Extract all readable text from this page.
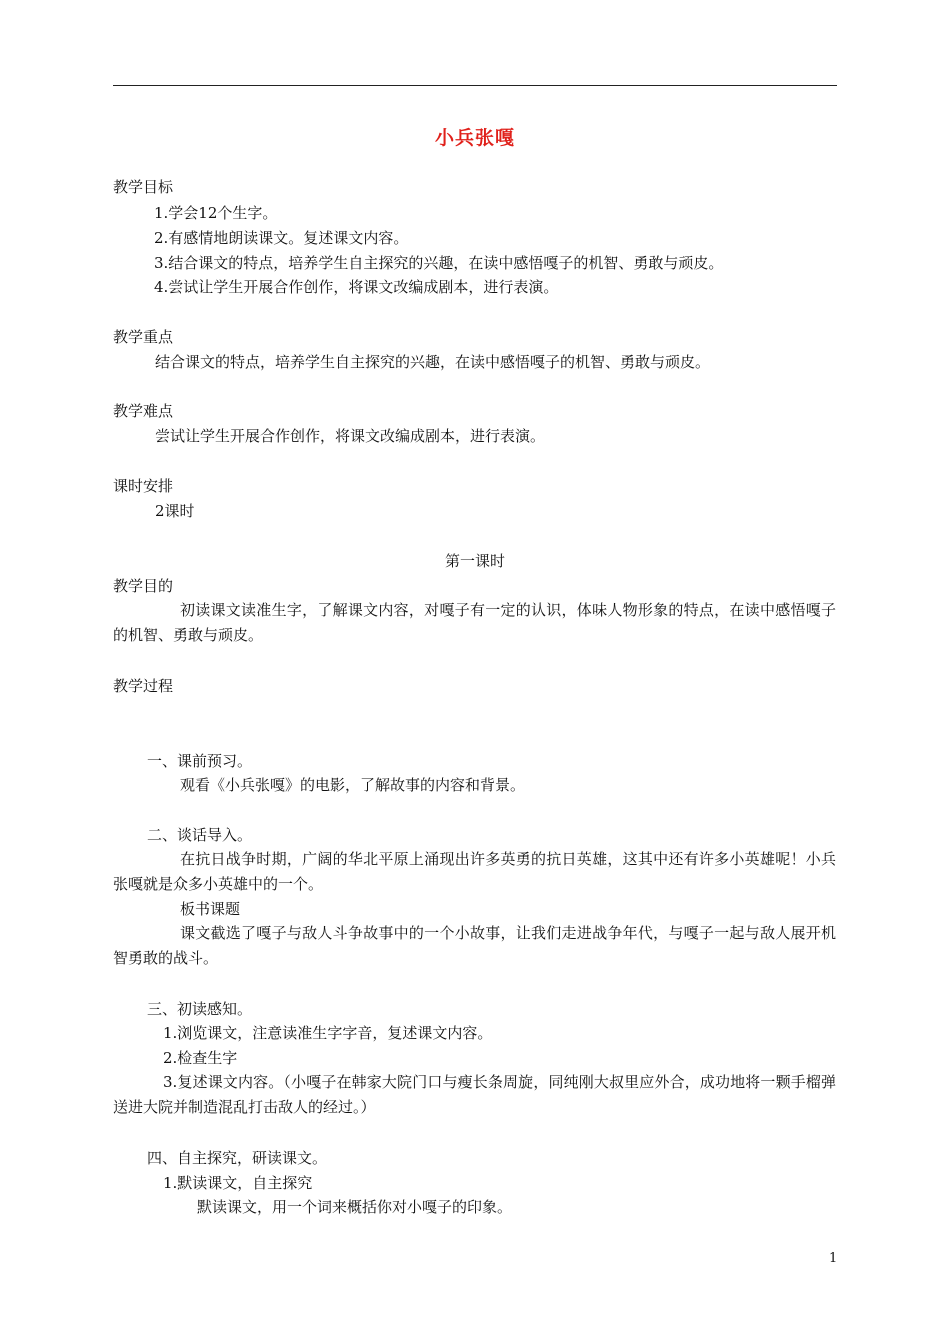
小兵张嘎
教学目标
1.学会12个生字。
2.有感情地朗读课文。复述课文内容。
3.结合课文的特点，培养学生自主探究的兴趣，在读中感悟嘎子的机智、勇敢与顽皮。
4.尝试让学生开展合作创作，将课文改编成剧本，进行表演。
教学重点
结合课文的特点，培养学生自主探究的兴趣，在读中感悟嘎子的机智、勇敢与顽皮。
教学难点
尝试让学生开展合作创作，将课文改编成剧本，进行表演。
课时安排
2课时
第一课时
教学目的
初读课文读准生字，了解课文内容，对嘎子有一定的认识，体味人物形象的特点，在读中感悟嘎子的机智、勇敢与顽皮。
教学过程
一、课前预习。
观看《小兵张嘎》的电影，了解故事的内容和背景。
二、谈话导入。
在抗日战争时期，广阔的华北平原上涌现出许多英勇的抗日英雄，这其中还有许多小英雄呢！小兵张嘎就是众多小英雄中的一个。
板书课题
课文截选了嘎子与敌人斗争故事中的一个小故事，让我们走进战争年代，与嘎子一起与敌人展开机智勇敢的战斗。
三、初读感知。
1.浏览课文，注意读准生字字音，复述课文内容。
2.检查生字
3.复述课文内容。（小嘎子在韩家大院门口与瘦长条周旋，同纯刚大叔里应外合，成功地将一颗手榴弹送进大院并制造混乱打击敌人的经过。）
四、自主探究，研读课文。
1.默读课文，自主探究
默读课文，用一个词来概括你对小嘎子的印象。
1
